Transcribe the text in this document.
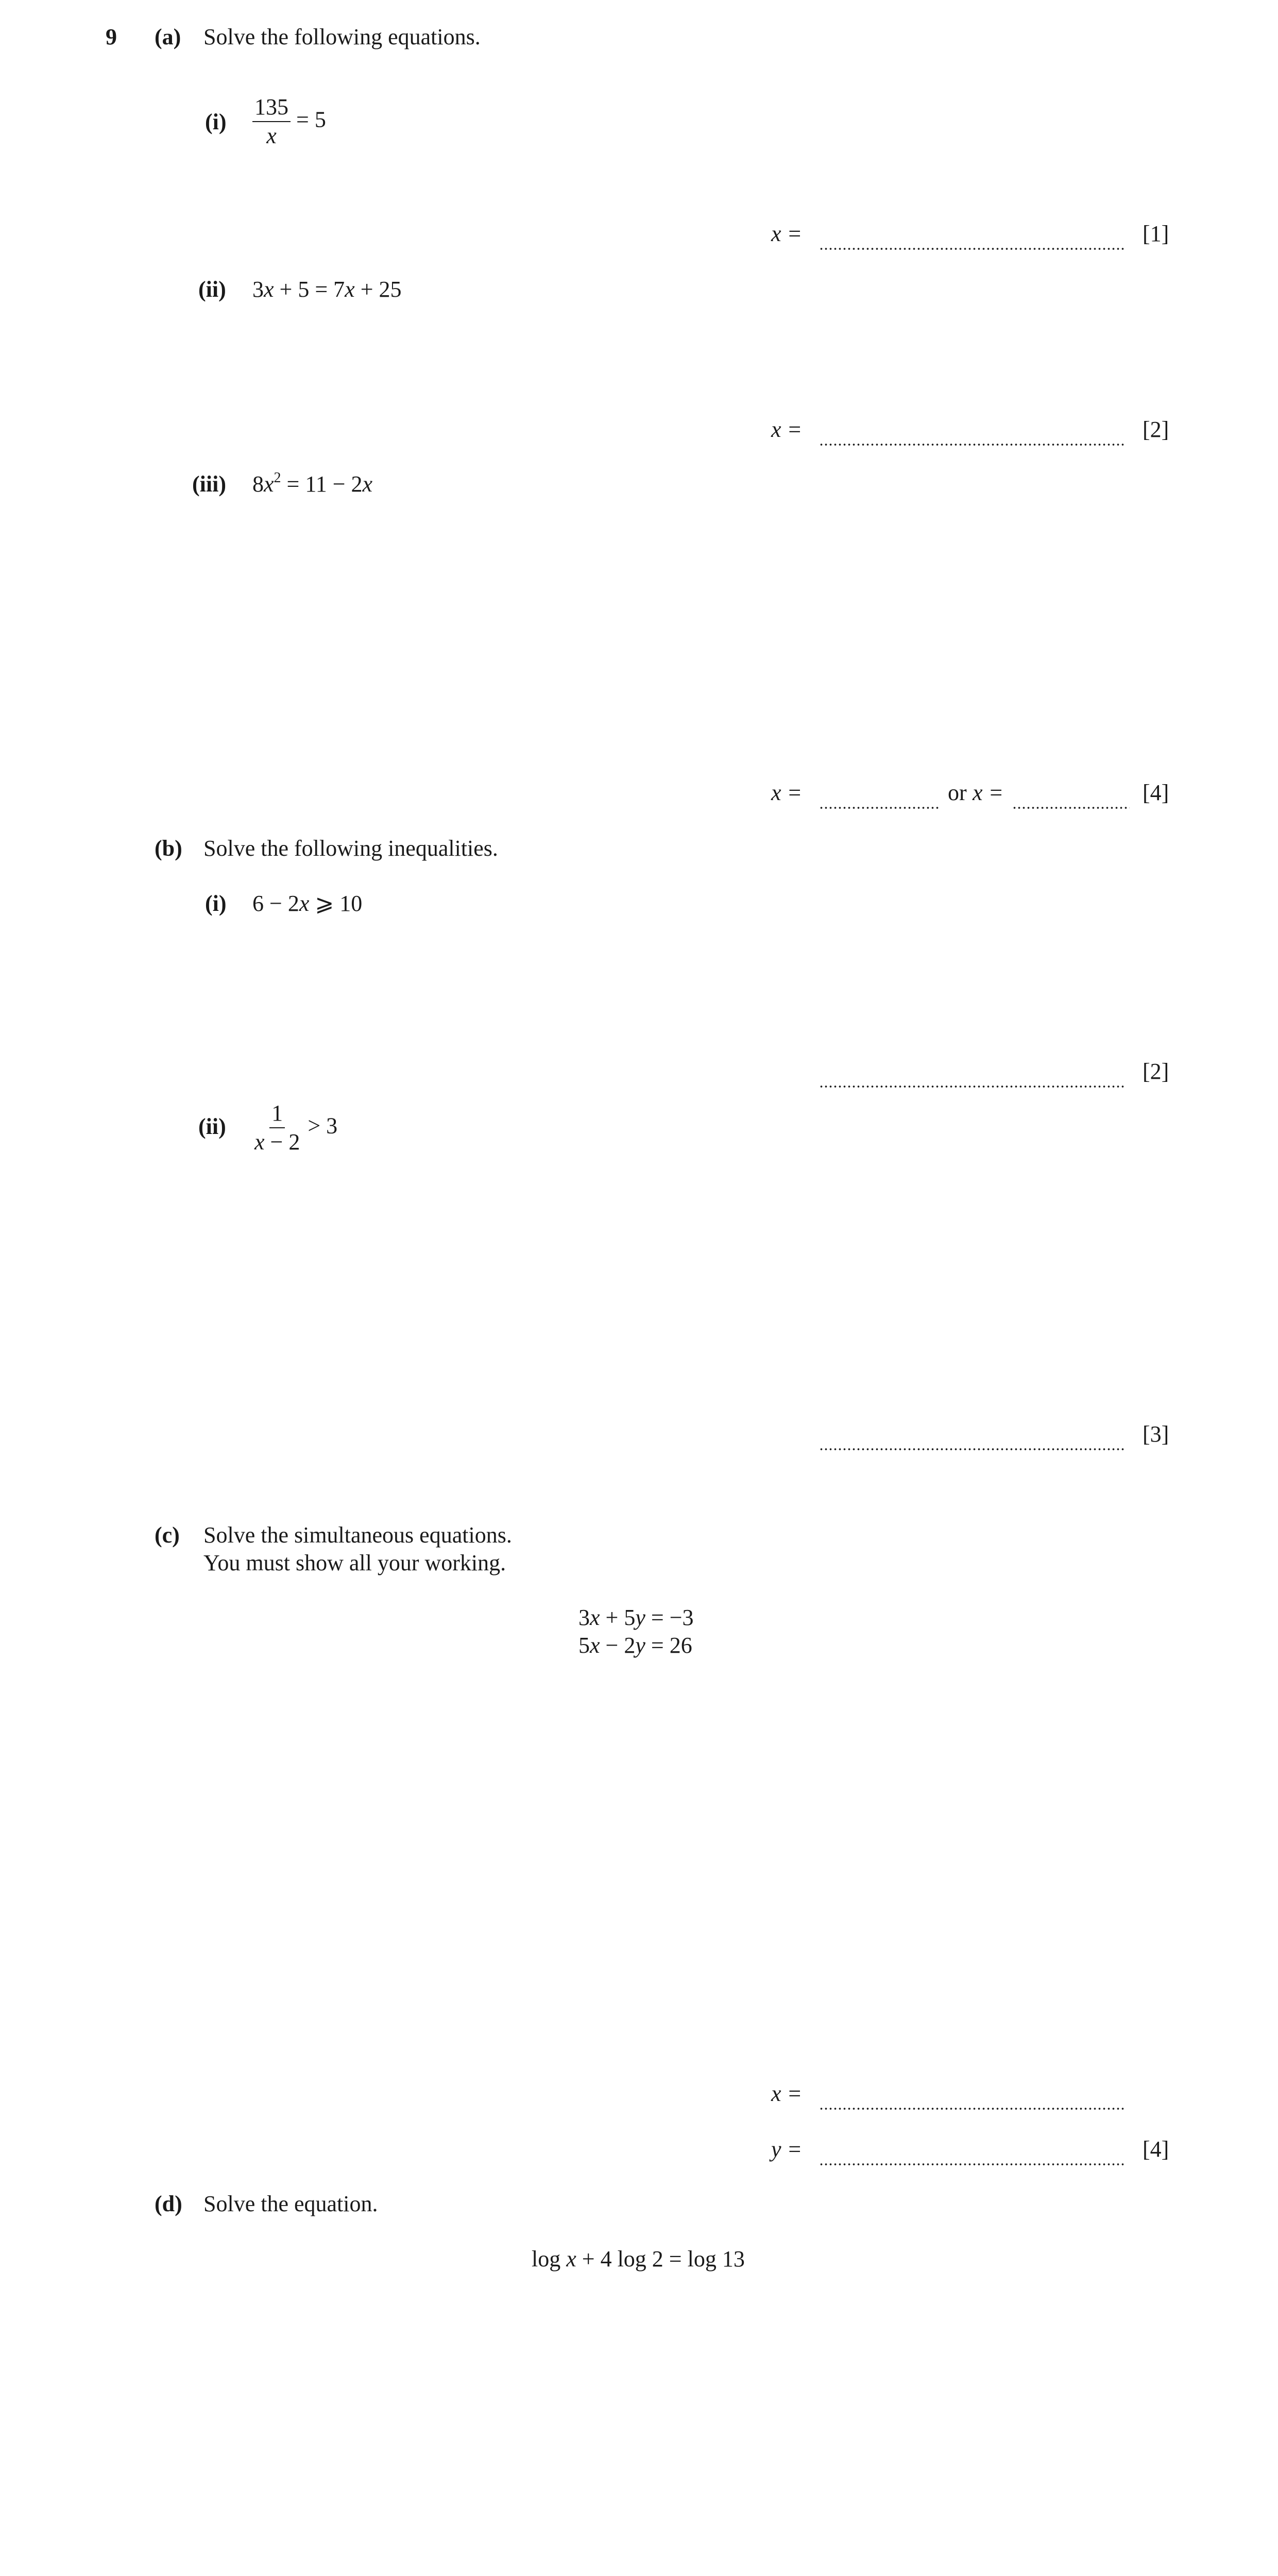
9 (a) Solve the following equations.
$(i) \frac{135}{x} = 5$
x =	[1]
(ii) 3x + 5 = 7x + 25
x =	[2]
(iii) $8x^2 = 11 - 2x$
x =	or x =	[4]
(b) Solve the following inequalities.
(i) 6 − 2x ⩾ 10
[2]
$(ii) \frac{1}{x - 2} > 3$
[3]
(c) Solve the simultaneous equations.
You must show all your working.
3x + 5y = −3
5x − 2y = 26
x =
y =	[4]
(d) Solve the equation.
log x + 4 log 2 = log 13
